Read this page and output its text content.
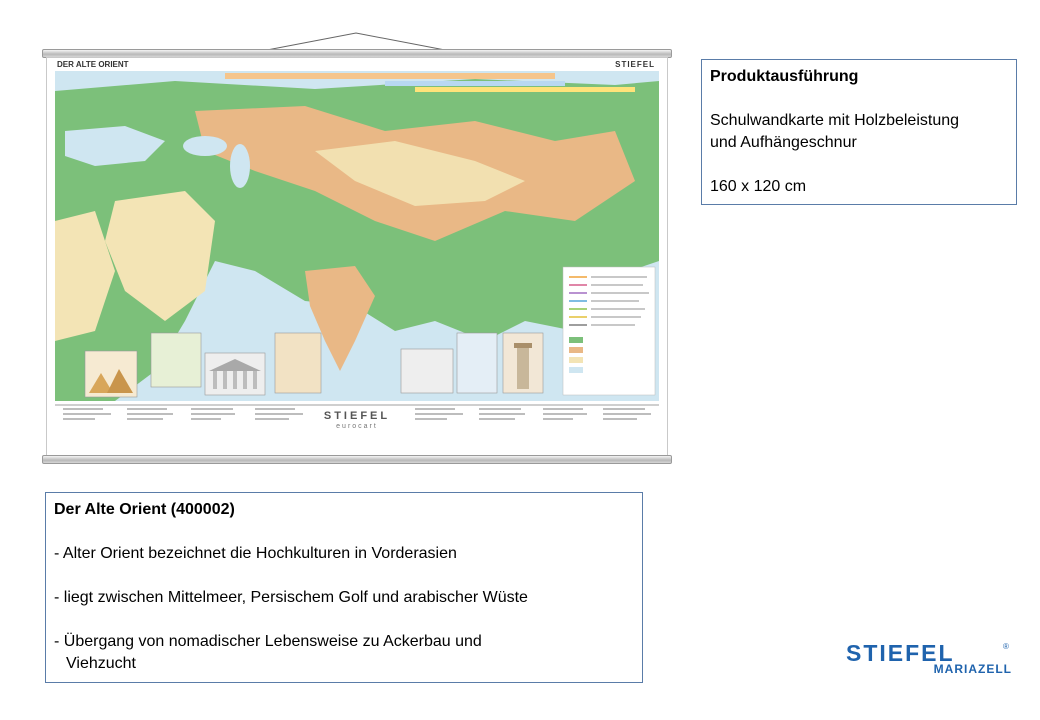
DER ALTE ORIENT	STIEFEL
STIEFEL
eurocart
Produktausführung
Schulwandkarte mit Holzbeleistung
und Aufhängeschnur
160 x 120 cm
Der Alte Orient (400002)
- Alter Orient bezeichnet die Hochkulturen in Vorderasien
- liegt zwischen Mittelmeer, Persischem Golf und arabischer Wüste
- Übergang von nomadischer Lebensweise zu Ackerbau und
Viehzucht	STIEFEL	®
MARIAZELL
